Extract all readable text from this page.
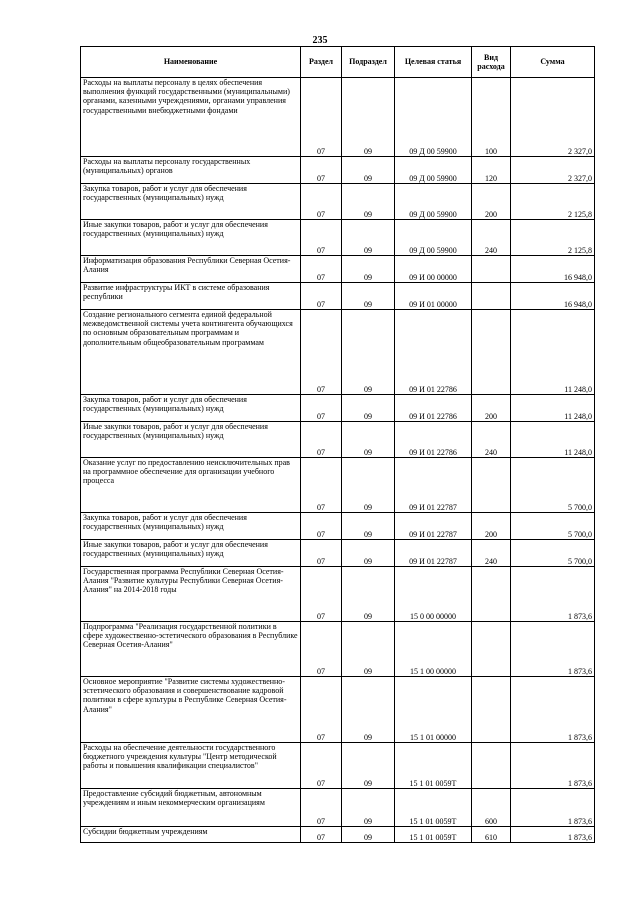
235
Наименование	Раздел	Подраздел	Целевая статья	Вид расхода	Сумма
Расходы на выплаты персоналу в целях обеспечения выполнения функций государственными (муниципальными) органами, казенными учреждениями, органами управления государственными внебюджетными фондами	07	09	09 Д 00 59900	100	2 327,0
Расходы на выплаты персоналу государственных (муниципальных) органов	07	09	09 Д 00 59900	120	2 327,0
Закупка товаров, работ и услуг для обеспечения государственных (муниципальных) нужд	07	09	09 Д 00 59900	200	2 125,8
Иные закупки товаров, работ и услуг для обеспечения государственных (муниципальных) нужд	07	09	09 Д 00 59900	240	2 125,8
Информатизация образования Республики Северная Осетия-Алания	07	09	09 И 00 00000		16 948,0
Развитие инфраструктуры ИКТ в системе образования республики	07	09	09 И 01 00000		16 948,0
Создание регионального сегмента единой федеральной межведомственной системы учета контингента обучающихся по основным образовательным программам и дополнительным общеобразовательным программам	07	09	09 И 01 22786		11 248,0
Закупка товаров, работ и услуг для обеспечения государственных (муниципальных) нужд	07	09	09 И 01 22786	200	11 248,0
Иные закупки товаров, работ и услуг для обеспечения государственных (муниципальных) нужд	07	09	09 И 01 22786	240	11 248,0
Оказание услуг по предоставлению неисключительных прав на программное обеспечение для организации учебного процесса	07	09	09 И 01 22787		5 700,0
Закупка товаров, работ и услуг для обеспечения государственных (муниципальных) нужд	07	09	09 И 01 22787	200	5 700,0
Иные закупки товаров, работ и услуг для обеспечения государственных (муниципальных) нужд	07	09	09 И 01 22787	240	5 700,0
Государственная программа Республики Северная Осетия-Алания "Развитие культуры Республики Северная Осетия-Алания" на 2014-2018 годы	07	09	15 0 00 00000		1 873,6
Подпрограмма "Реализация государственной политики в сфере художественно-эстетического образования в Республике Северная Осетия-Алания"	07	09	15 1 00 00000		1 873,6
Основное мероприятие "Развитие системы художественно-эстетического образования и совершенствование кадровой политики в сфере культуры в Республике Северная Осетия-Алания"	07	09	15 1 01 00000		1 873,6
Расходы на обеспечение деятельности государственного бюджетного учреждения культуры "Центр методической работы и повышения квалификации специалистов"	07	09	15 1 01 0059Т		1 873,6
Предоставление субсидий бюджетным, автономным учреждениям и иным некоммерческим организациям	07	09	15 1 01 0059Т	600	1 873,6
Субсидии бюджетным учреждениям	07	09	15 1 01 0059Т	610	1 873,6
